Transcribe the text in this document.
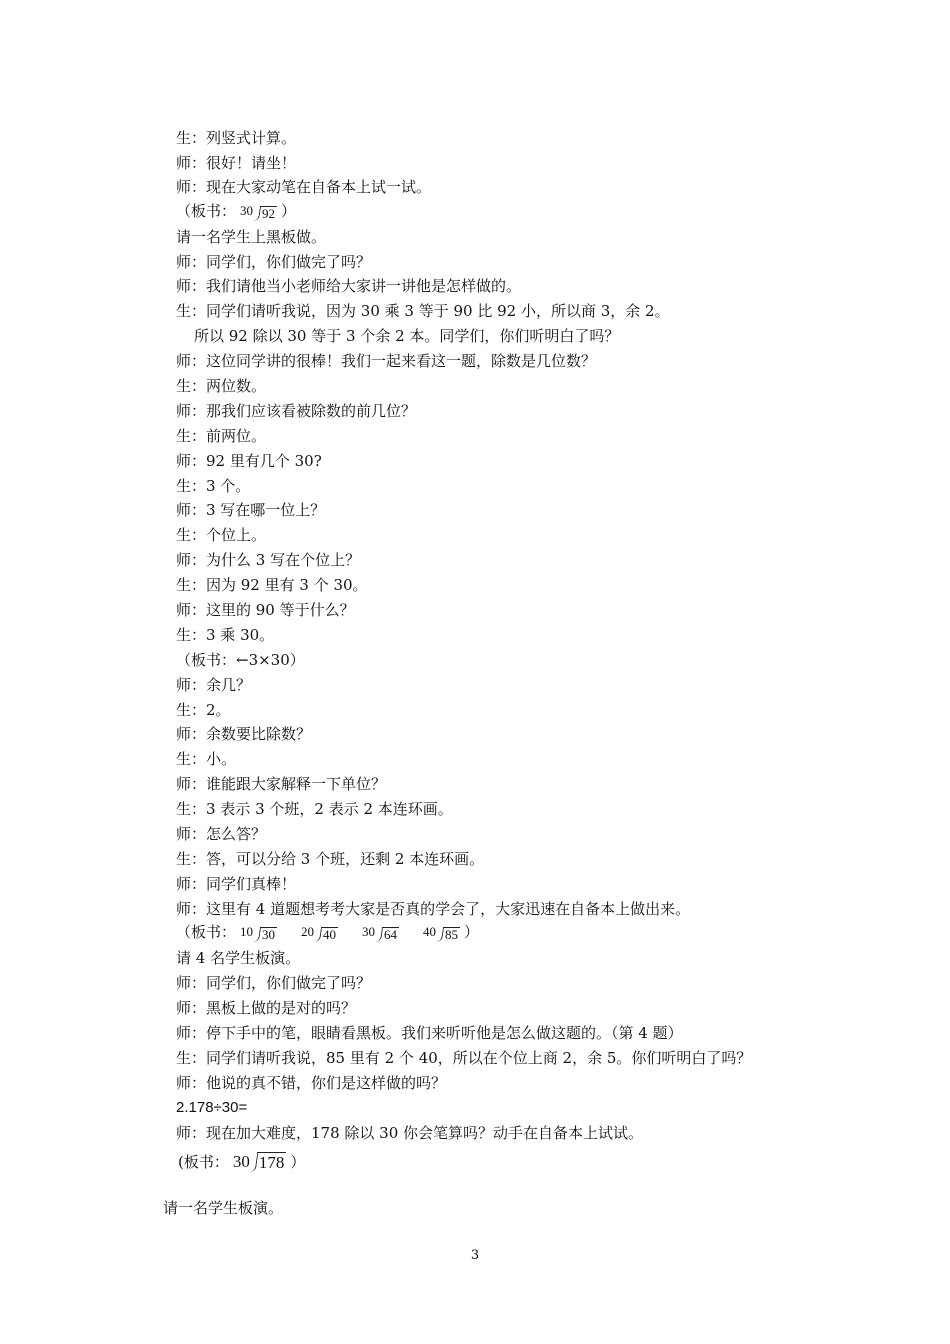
生：列竖式计算。
师：很好！请坐！
师：现在大家动笔在自备本上试一试。
（板书： 30 92 ）
请一名学生上黑板做。
师：同学们，你们做完了吗？
师：我们请他当小老师给大家讲一讲他是怎样做的。
生：同学们请听我说，因为 30 乘 3 等于 90 比 92 小，所以商 3，余 2。
所以 92 除以 30 等于 3 个余 2 本。同学们，你们听明白了吗？
师：这位同学讲的很棒！我们一起来看这一题，除数是几位数？
生：两位数。
师：那我们应该看被除数的前几位？
生：前两位。
师：92 里有几个 30?
生：3 个。
师：3 写在哪一位上？
生：个位上。
师：为什么 3 写在个位上？
生：因为 92 里有 3 个 30。
师：这里的 90 等于什么？
生：3 乘 30。
（板书：←3×30）
师：余几？
生：2。
师：余数要比除数？
生：小。
师：谁能跟大家解释一下单位？
生：3 表示 3 个班，2 表示 2 本连环画。
师：怎么答？
生：答，可以分给 3 个班，还剩 2 本连环画。
师：同学们真棒！
师：这里有 4 道题想考考大家是否真的学会了，大家迅速在自备本上做出来。
（板书： 10 30 20 40 30 64 40 85 ）
请 4 名学生板演。
师：同学们，你们做完了吗？
师：黑板上做的是对的吗？
师：停下手中的笔，眼睛看黑板。我们来听听他是怎么做这题的。（第 4 题）
生：同学们请听我说，85 里有 2 个 40，所以在个位上商 2，余 5。你们听明白了吗？
师：他说的真不错，你们是这样做的吗？
2.178÷30=
师：现在加大难度，178 除以 30 你会笔算吗？动手在自备本上试试。
(板书： 30 178 ）
请一名学生板演。
3
